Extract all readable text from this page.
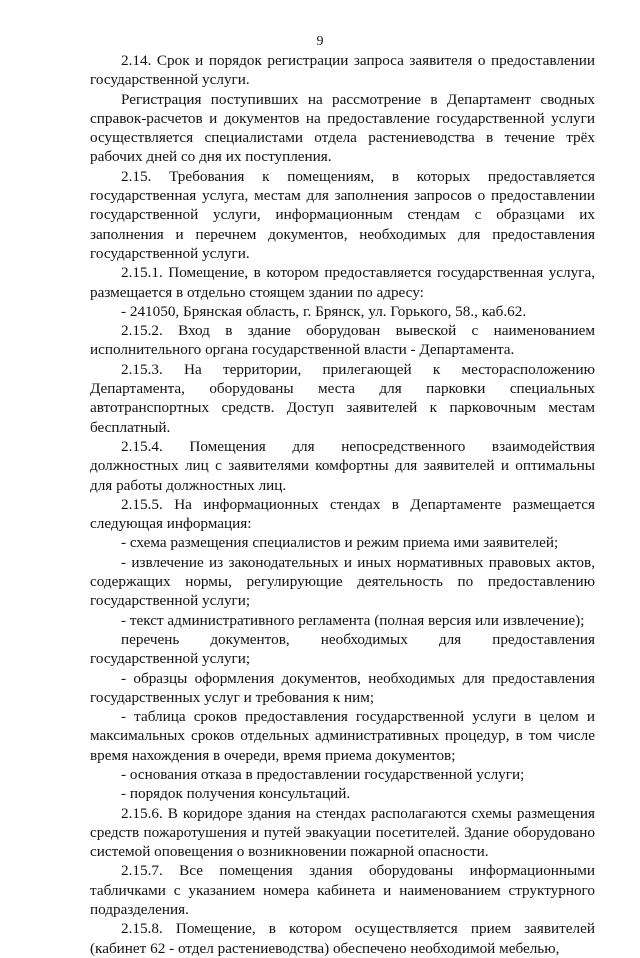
9

2.14. Срок и порядок регистрации запроса заявителя о предоставлении государственной услуги.

Регистрация поступивших на рассмотрение в Департамент сводных справок-расчетов и документов на предоставление государственной услуги осуществляется специалистами отдела растениеводства в течение трёх рабочих дней со дня их поступления.

2.15. Требования к помещениям, в которых предоставляется государственная услуга, местам для заполнения запросов о предоставлении государственной услуги, информационным стендам с образцами их заполнения и перечнем документов, необходимых для предоставления государственной услуги.

2.15.1. Помещение, в котором предоставляется государственная услуга, размещается в отдельно стоящем здании по адресу:

- 241050, Брянская область, г. Брянск, ул. Горького, 58., каб.62.

2.15.2. Вход в здание оборудован вывеской с наименованием исполнительного органа государственной власти - Департамента.

2.15.3. На территории, прилегающей к месторасположению Департамента, оборудованы места для парковки специальных автотранспортных средств. Доступ заявителей к парковочным местам бесплатный.

2.15.4. Помещения для непосредственного взаимодействия должностных лиц с заявителями комфортны для заявителей и оптимальны для работы должностных лиц.

2.15.5. На информационных стендах в Департаменте размещается следующая информация:

- схема размещения специалистов и режим приема ими заявителей;

- извлечение из законодательных и иных нормативных правовых актов, содержащих нормы, регулирующие деятельность по предоставлению государственной услуги;

- текст административного регламента (полная версия или извлечение);

перечень документов, необходимых для предоставления государственной услуги;

- образцы оформления документов, необходимых для предоставления государственных услуг и требования к ним;

- таблица сроков предоставления государственной услуги в целом и максимальных сроков отдельных административных процедур, в том числе время нахождения в очереди, время приема документов;

- основания отказа в предоставлении государственной услуги;

- порядок получения консультаций.

2.15.6. В коридоре здания на стендах располагаются схемы размещения средств пожаротушения и путей эвакуации посетителей. Здание оборудовано системой оповещения о возникновении пожарной опасности.

2.15.7. Все помещения здания оборудованы информационными табличками с указанием номера кабинета и наименованием структурного подразделения.

2.15.8. Помещение, в котором осуществляется прием заявителей (кабинет 62 - отдел растениеводства) обеспечено необходимой мебелью,
